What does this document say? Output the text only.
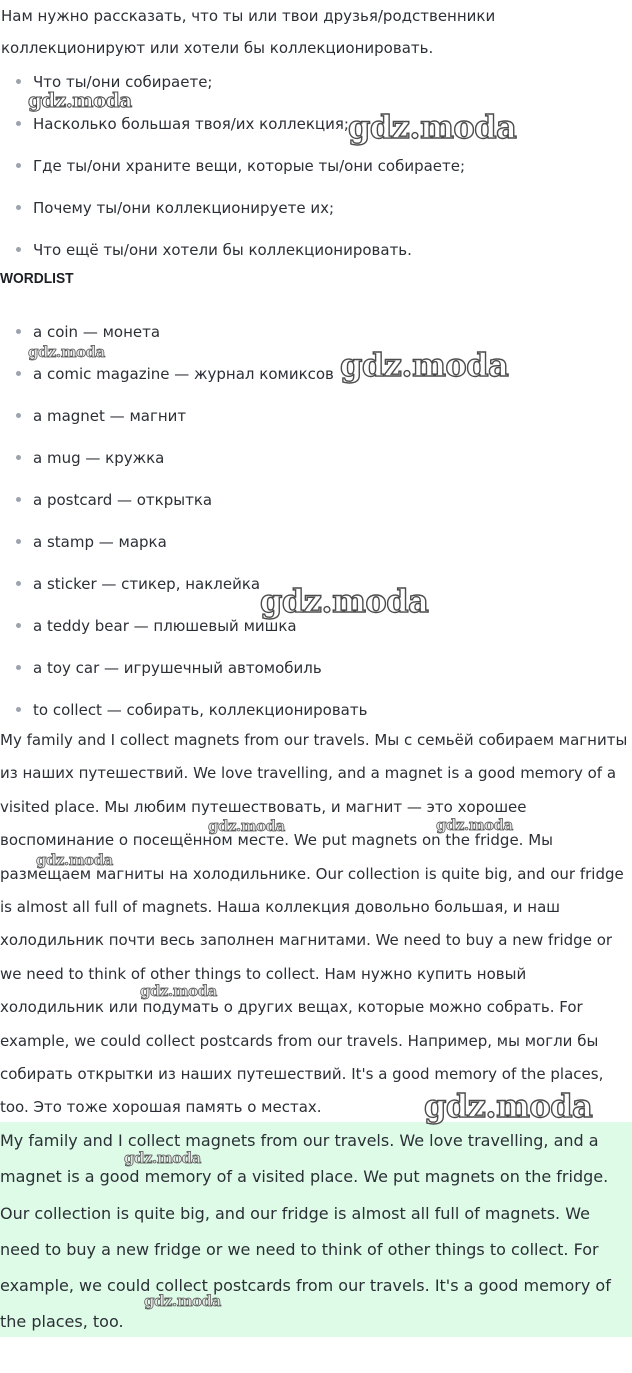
Нам нужно рассказать, что ты или твои друзья/родственники

коллекционируют или хотели бы коллекционировать.

Что ты/они собираете;
Насколько большая твоя/их коллекция;
Где ты/они храните вещи, которые ты/они собираете;
Почему ты/они коллекционируете их;
Что ещё ты/они хотели бы коллекционировать.
WORDLIST
a coin — монета
a comic magazine — журнал комиксов
a magnet — магнит
a mug — кружка
a postcard — открытка
a stamp — марка
a sticker — стикер, наклейка
a teddy bear — плюшевый мишка
a toy car — игрушечный автомобиль
to collect — собирать, коллекционировать

My family and I collect magnets from our travels. Мы с семьёй собираем магниты из наших путешествий. We love travelling, and a magnet is a good memory of a visited place. Мы любим путешествовать, и магнит — это хорошее воспоминание о посещённом месте. We put magnets on the fridge. Мы размещаем магниты на холодильнике. Our collection is quite big, and our fridge is almost all full of magnets. Наша коллекция довольно большая, и наш холодильник почти весь заполнен магнитами. We need to buy a new fridge or we need to think of other things to collect. Нам нужно купить новый холодильник или подумать о других вещах, которые можно собрать. For example, we could collect postcards from our travels. Например, мы могли бы собирать открытки из наших путешествий. It's a good memory of the places, too. Это тоже хорошая память о местах.

My family and I collect magnets from our travels. We love travelling, and a magnet is a good memory of a visited place. We put magnets on the fridge. Our collection is quite big, and our fridge is almost all full of magnets. We need to buy a new fridge or we need to think of other things to collect. For example, we could collect postcards from our travels. It's a good memory of the places, too.

gdz.moda
gdz.moda
gdz.moda	gdz.moda
gdz.moda
gdz.moda	gdz.moda
gdz.moda
gdz.moda
gdz.moda
gdz.moda
gdz.moda
